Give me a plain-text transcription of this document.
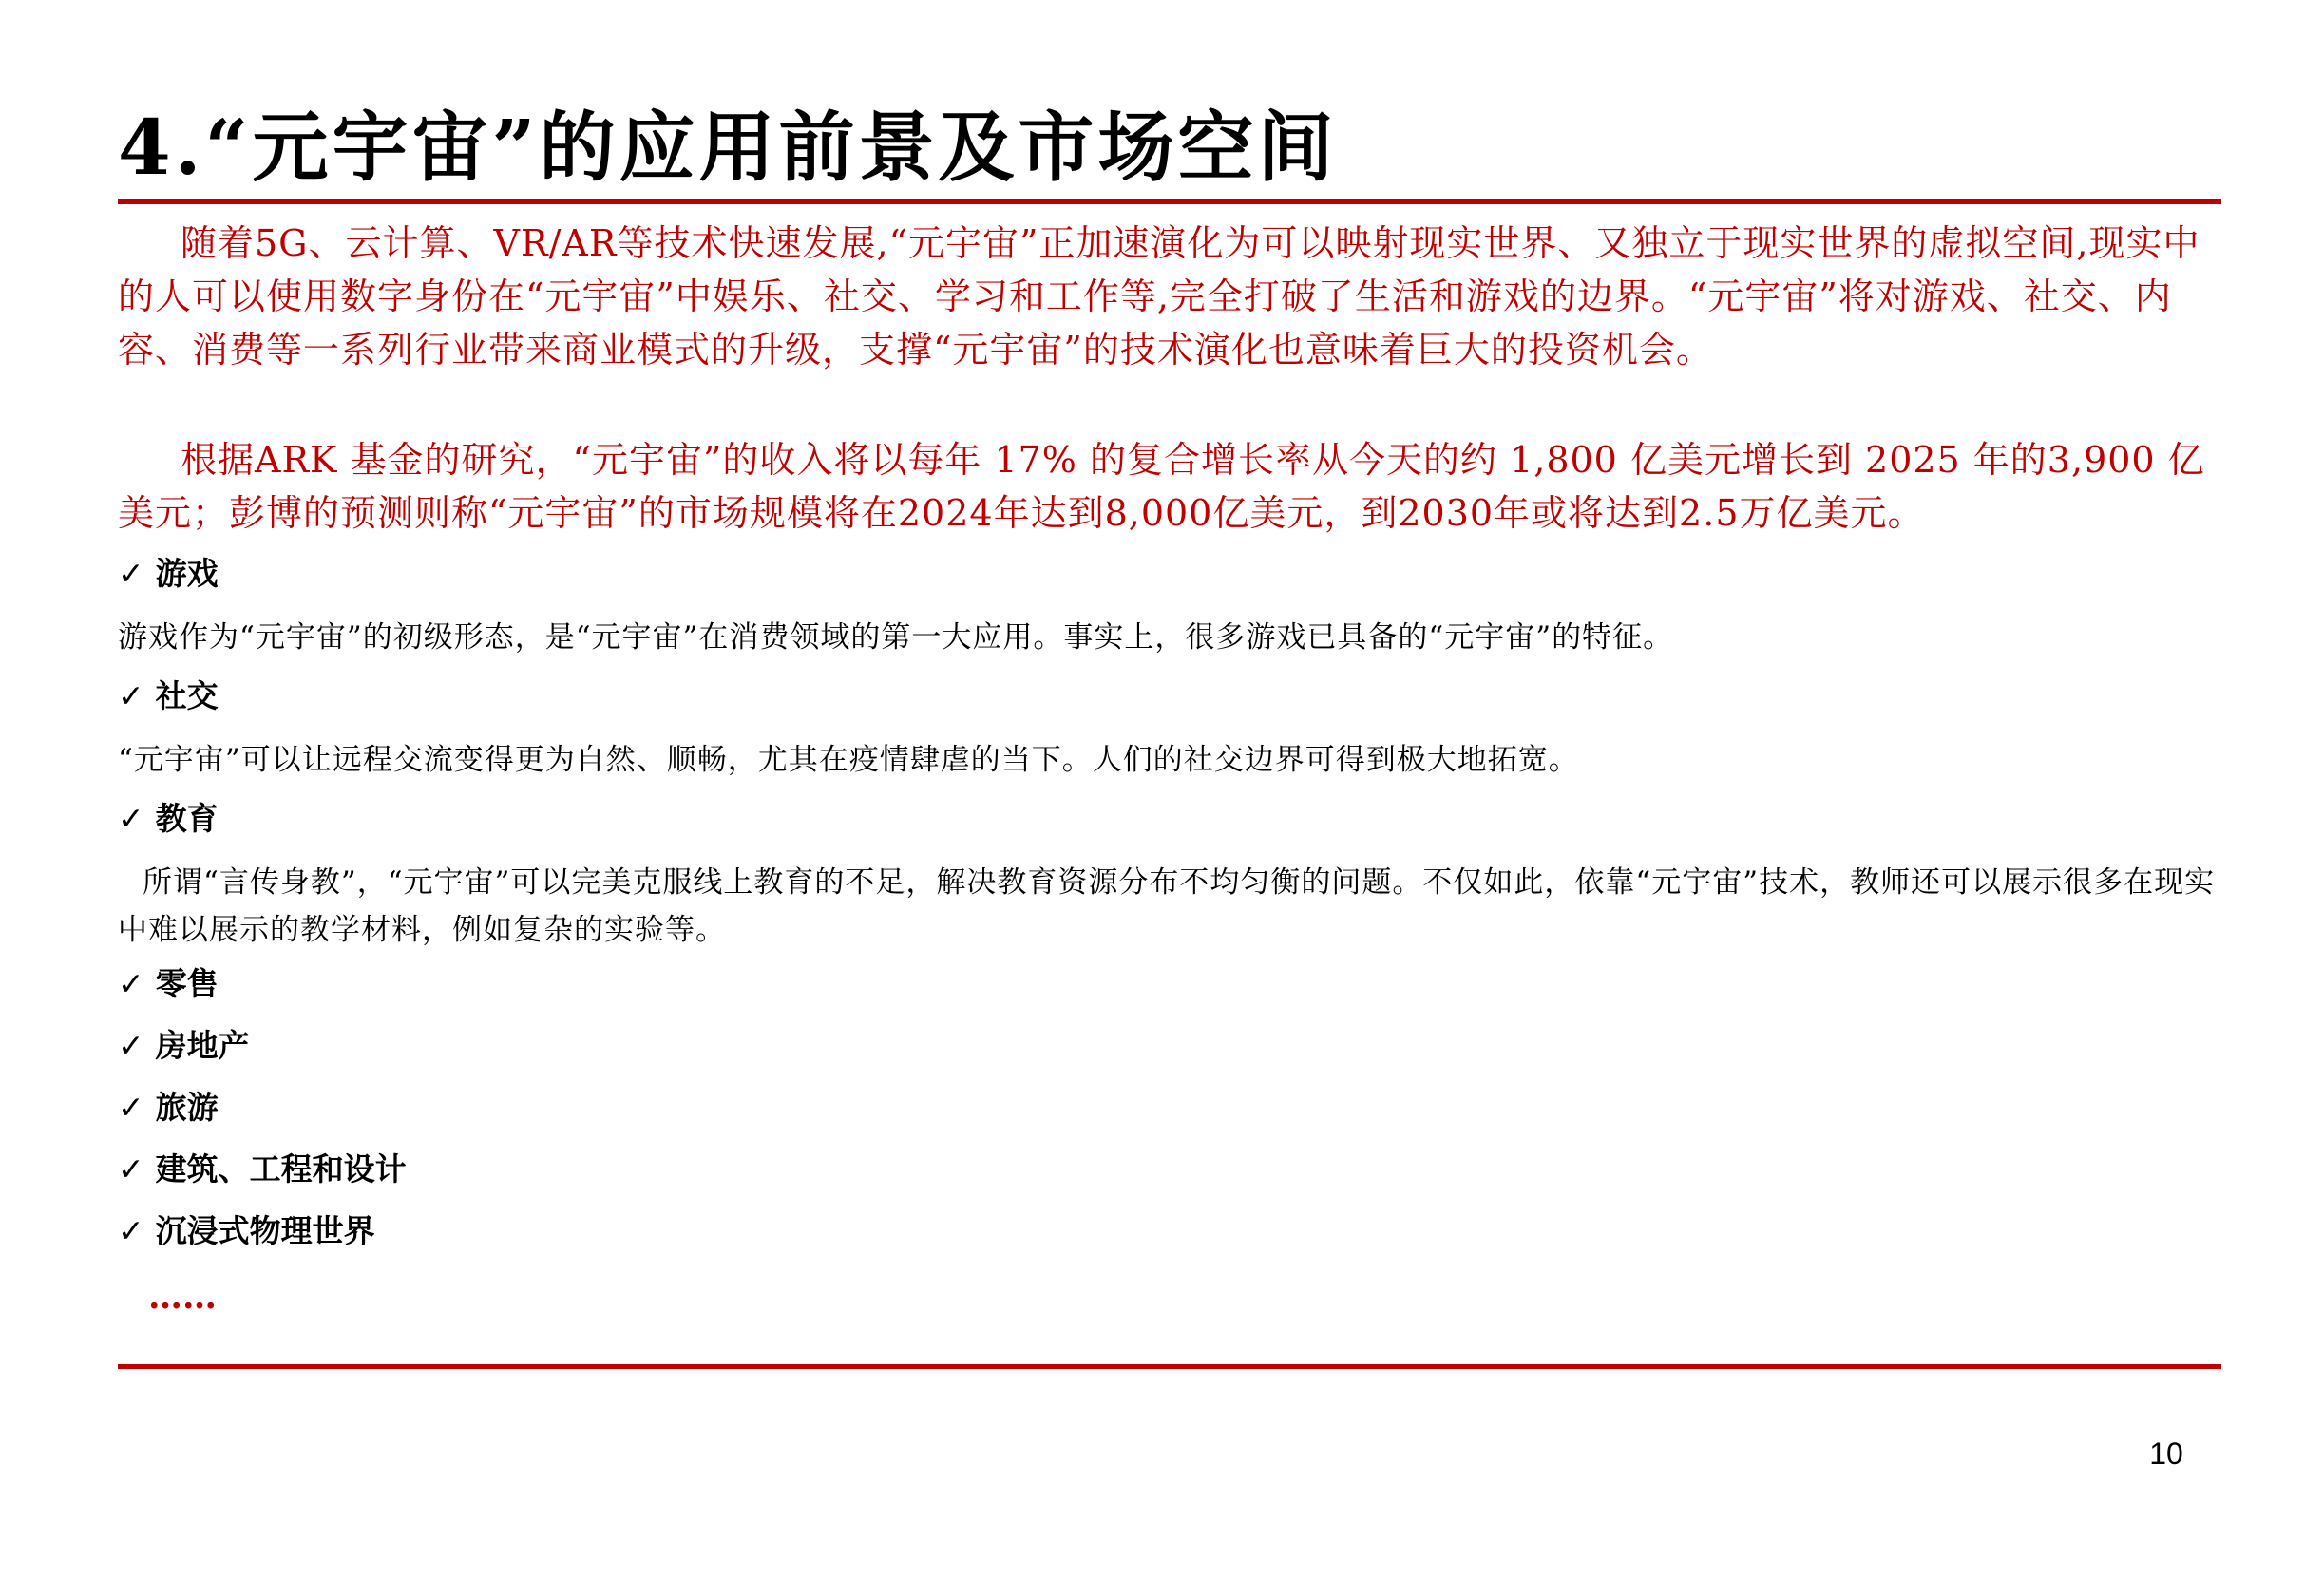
4.“元宇宙”的应用前景及市场空间
随着5G、云计算、VR/AR等技术快速发展,“元宇宙”正加速演化为可以映射现实世界、又独立于现实世界的虚拟空间,现实中的人可以使用数字身份在“元宇宙”中娱乐、社交、学习和工作等,完全打破了生活和游戏的边界。“元宇宙”将对游戏、社交、内容、消费等一系列行业带来商业模式的升级，支撑“元宇宙”的技术演化也意味着巨大的投资机会。
根据ARK 基金的研究，“元宇宙”的收入将以每年 17% 的复合增长率从今天的约 1,800 亿美元增长到 2025 年的3,900 亿美元；彭博的预测则称“元宇宙”的市场规模将在2024年达到8,000亿美元，到2030年或将达到2.5万亿美元。
✓ 游戏
游戏作为“元宇宙”的初级形态，是“元宇宙”在消费领域的第一大应用。事实上，很多游戏已具备的“元宇宙”的特征。
✓ 社交
“元宇宙”可以让远程交流变得更为自然、顺畅，尤其在疫情肆虐的当下。人们的社交边界可得到极大地拓宽。
✓ 教育
所谓“言传身教”，“元宇宙”可以完美克服线上教育的不足，解决教育资源分布不均匀衡的问题。不仅如此，依靠“元宇宙”技术，教师还可以展示很多在现实中难以展示的教学材料，例如复杂的实验等。
✓ 零售
✓ 房地产
✓ 旅游
✓ 建筑、工程和设计
✓ 沉浸式物理世界
……
10
